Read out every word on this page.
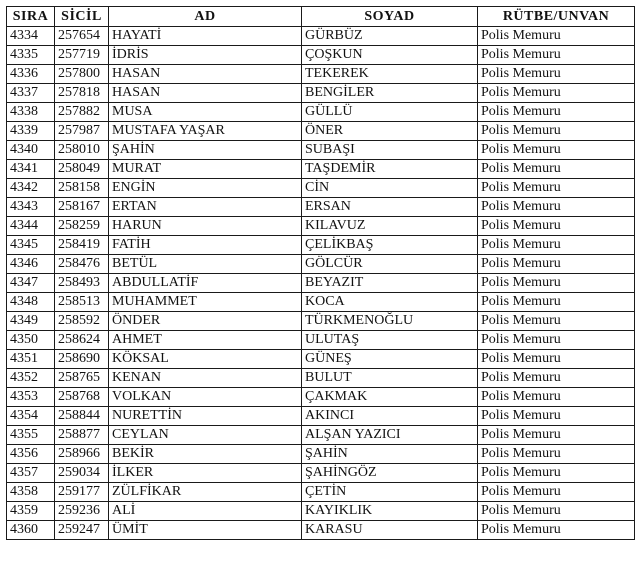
SIRA	SİCİL	AD	SOYAD	RÜTBE/UNVAN
4334	257654	HAYATİ	GÜRBÜZ	Polis Memuru
4335	257719	İDRİS	ÇOŞKUN	Polis Memuru
4336	257800	HASAN	TEKEREK	Polis Memuru
4337	257818	HASAN	BENGİLER	Polis Memuru
4338	257882	MUSA	GÜLLÜ	Polis Memuru
4339	257987	MUSTAFA YAŞAR	ÖNER	Polis Memuru
4340	258010	ŞAHİN	SUBAŞI	Polis Memuru
4341	258049	MURAT	TAŞDEMİR	Polis Memuru
4342	258158	ENGİN	CİN	Polis Memuru
4343	258167	ERTAN	ERSAN	Polis Memuru
4344	258259	HARUN	KILAVUZ	Polis Memuru
4345	258419	FATİH	ÇELİKBAŞ	Polis Memuru
4346	258476	BETÜL	GÖLCÜR	Polis Memuru
4347	258493	ABDULLATİF	BEYAZIT	Polis Memuru
4348	258513	MUHAMMET	KOCA	Polis Memuru
4349	258592	ÖNDER	TÜRKMENOĞLU	Polis Memuru
4350	258624	AHMET	ULUTAŞ	Polis Memuru
4351	258690	KÖKSAL	GÜNEŞ	Polis Memuru
4352	258765	KENAN	BULUT	Polis Memuru
4353	258768	VOLKAN	ÇAKMAK	Polis Memuru
4354	258844	NURETTİN	AKINCI	Polis Memuru
4355	258877	CEYLAN	ALŞAN YAZICI	Polis Memuru
4356	258966	BEKİR	ŞAHİN	Polis Memuru
4357	259034	İLKER	ŞAHİNGÖZ	Polis Memuru
4358	259177	ZÜLFİKAR	ÇETİN	Polis Memuru
4359	259236	ALİ	KAYIKLIK	Polis Memuru
4360	259247	ÜMİT	KARASU	Polis Memuru
